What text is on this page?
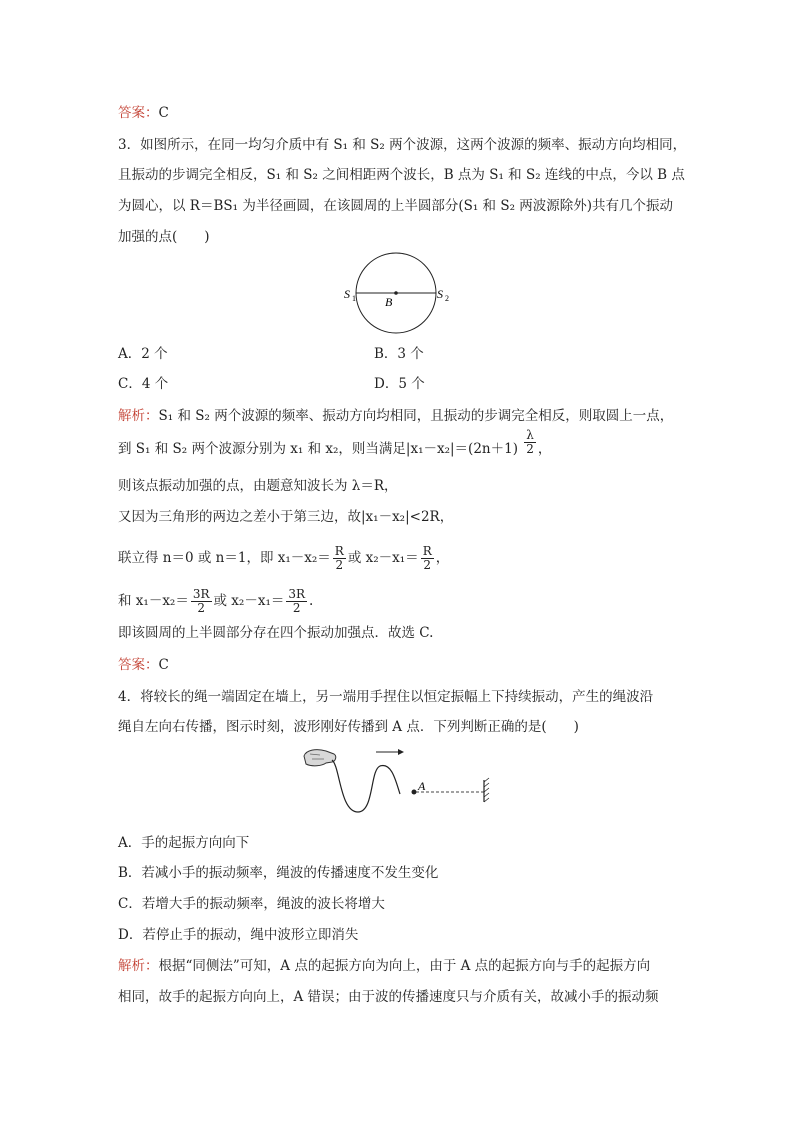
答案：C
3．如图所示，在同一均匀介质中有 S₁ 和 S₂ 两个波源，这两个波源的频率、振动方向均相同，
且振动的步调完全相反，S₁ 和 S₂ 之间相距两个波长，B 点为 S₁ 和 S₂ 连线的中点，今以 B 点
为圆心，以 R＝BS₁ 为半径画圆，在该圆周的上半圆部分(S₁ 和 S₂ 两波源除外)共有几个振动
加强的点(　　)
S 1	S 2
B
A．2 个	B．3 个
C．4 个	D．5 个
解析：S₁ 和 S₂ 两个波源的频率、振动方向均相同，且振动的步调完全相反，则取圆上一点，
到 S₁ 和 S₂ 两个波源分别为 x₁ 和 x₂，则当满足$|x_1-x_2|=(2n+1) \frac{\lambda}{2}$ ，
则该点振动加强的点，由题意知波长为 λ＝R，
又因为三角形的两边之差小于第三边，故|x₁－x₂|<2R，
联立得 n＝0 或 n＝1，即 $x_1-x_2= \frac{R}{2}$ 或 $x_2-x_1= \frac{R}{2}$ ，
和 $x_1-x_2= \frac{3R}{2}$ 或 $x_2-x_1= \frac{3R}{2}$ .
即该圆周的上半圆部分存在四个振动加强点．故选 C.
答案：C
4．将较长的绳一端固定在墙上，另一端用手捏住以恒定振幅上下持续振动，产生的绳波沿
绳自左向右传播，图示时刻，波形刚好传播到 A 点．下列判断正确的是(　　)
A
A．手的起振方向向下
B．若减小手的振动频率，绳波的传播速度不发生变化
C．若增大手的振动频率，绳波的波长将增大
D．若停止手的振动，绳中波形立即消失
解析：根据“同侧法”可知，A 点的起振方向为向上，由于 A 点的起振方向与手的起振方向
相同，故手的起振方向向上，A 错误；由于波的传播速度只与介质有关，故减小手的振动频
